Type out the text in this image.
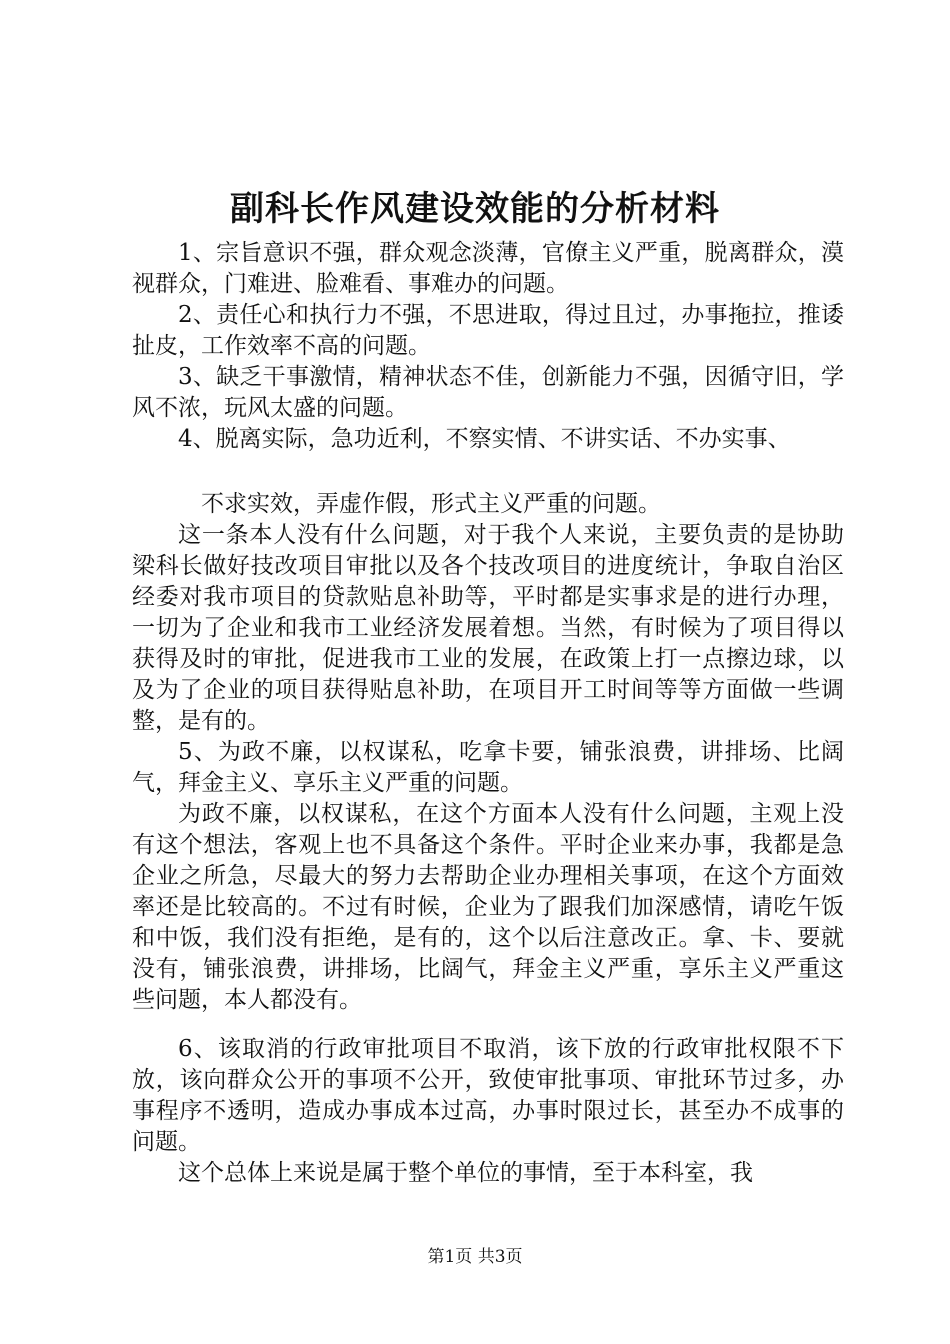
副科长作风建设效能的分析材料

1、宗旨意识不强，群众观念淡薄，官僚主义严重，脱离群众，漠视群众，门难进、脸难看、事难办的问题。

2、责任心和执行力不强，不思进取，得过且过，办事拖拉，推诿扯皮，工作效率不高的问题。

3、缺乏干事激情，精神状态不佳，创新能力不强，因循守旧，学风不浓，玩风太盛的问题。

4、脱离实际，急功近利，不察实情、不讲实话、不办实事、

不求实效，弄虚作假，形式主义严重的问题。

这一条本人没有什么问题，对于我个人来说，主要负责的是协助梁科长做好技改项目审批以及各个技改项目的进度统计，争取自治区经委对我市项目的贷款贴息补助等，平时都是实事求是的进行办理，一切为了企业和我市工业经济发展着想。当然，有时候为了项目得以获得及时的审批，促进我市工业的发展，在政策上打一点擦边球，以及为了企业的项目获得贴息补助，在项目开工时间等等方面做一些调整，是有的。

5、为政不廉，以权谋私，吃拿卡要，铺张浪费，讲排场、比阔气，拜金主义、享乐主义严重的问题。

为政不廉，以权谋私，在这个方面本人没有什么问题，主观上没有这个想法，客观上也不具备这个条件。平时企业来办事，我都是急企业之所急，尽最大的努力去帮助企业办理相关事项，在这个方面效率还是比较高的。不过有时候，企业为了跟我们加深感情，请吃午饭和中饭，我们没有拒绝，是有的，这个以后注意改正。拿、卡、要就没有，铺张浪费，讲排场，比阔气，拜金主义严重，享乐主义严重这些问题，本人都没有。

6、该取消的行政审批项目不取消，该下放的行政审批权限不下放，该向群众公开的事项不公开，致使审批事项、审批环节过多，办事程序不透明，造成办事成本过高，办事时限过长，甚至办不成事的问题。

这个总体上来说是属于整个单位的事情，至于本科室，我

第1页 共3页
